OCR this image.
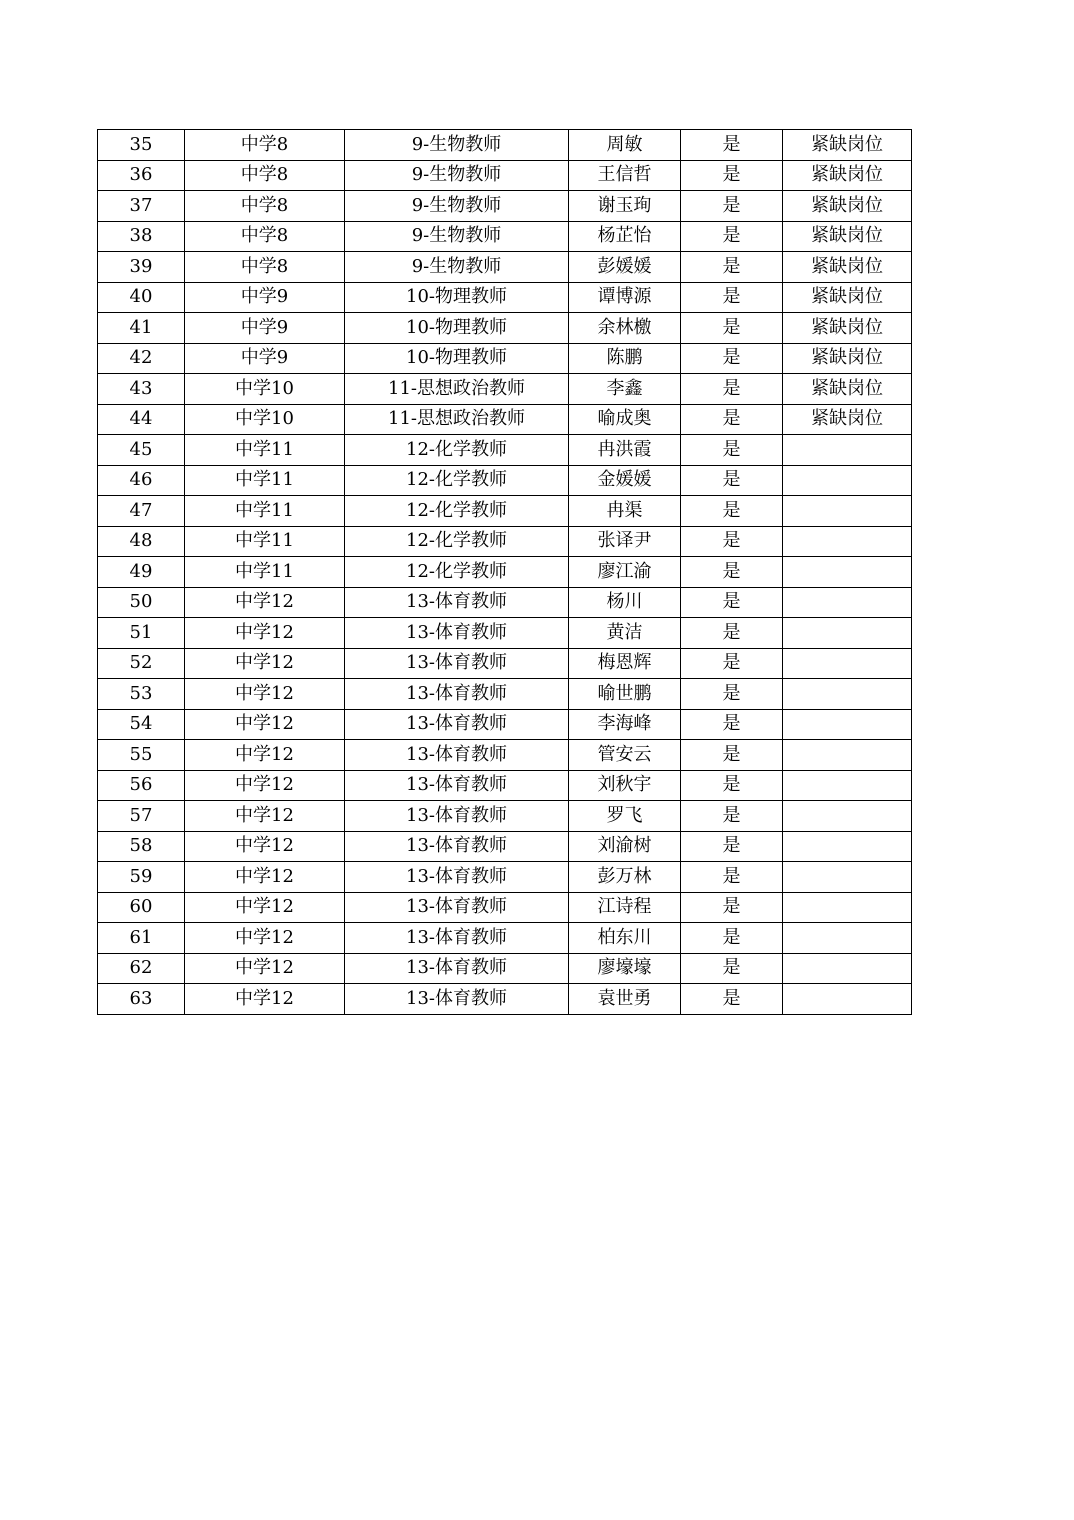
35	中学8	9-生物教师	周敏	是	紧缺岗位
36	中学8	9-生物教师	王信哲	是	紧缺岗位
37	中学8	9-生物教师	谢玉珣	是	紧缺岗位
38	中学8	9-生物教师	杨芷怡	是	紧缺岗位
39	中学8	9-生物教师	彭媛媛	是	紧缺岗位
40	中学9	10-物理教师	谭博源	是	紧缺岗位
41	中学9	10-物理教师	余林檄	是	紧缺岗位
42	中学9	10-物理教师	陈鹏	是	紧缺岗位
43	中学10	11-思想政治教师	李鑫	是	紧缺岗位
44	中学10	11-思想政治教师	喻成奥	是	紧缺岗位
45	中学11	12-化学教师	冉洪霞	是	
46	中学11	12-化学教师	金媛媛	是	
47	中学11	12-化学教师	冉渠	是	
48	中学11	12-化学教师	张译尹	是	
49	中学11	12-化学教师	廖江渝	是	
50	中学12	13-体育教师	杨川	是	
51	中学12	13-体育教师	黄洁	是	
52	中学12	13-体育教师	梅恩辉	是	
53	中学12	13-体育教师	喻世鹏	是	
54	中学12	13-体育教师	李海峰	是	
55	中学12	13-体育教师	管安云	是	
56	中学12	13-体育教师	刘秋宇	是	
57	中学12	13-体育教师	罗飞	是	
58	中学12	13-体育教师	刘渝树	是	
59	中学12	13-体育教师	彭万林	是	
60	中学12	13-体育教师	江诗程	是	
61	中学12	13-体育教师	柏东川	是	
62	中学12	13-体育教师	廖壕壕	是	
63	中学12	13-体育教师	袁世勇	是	
